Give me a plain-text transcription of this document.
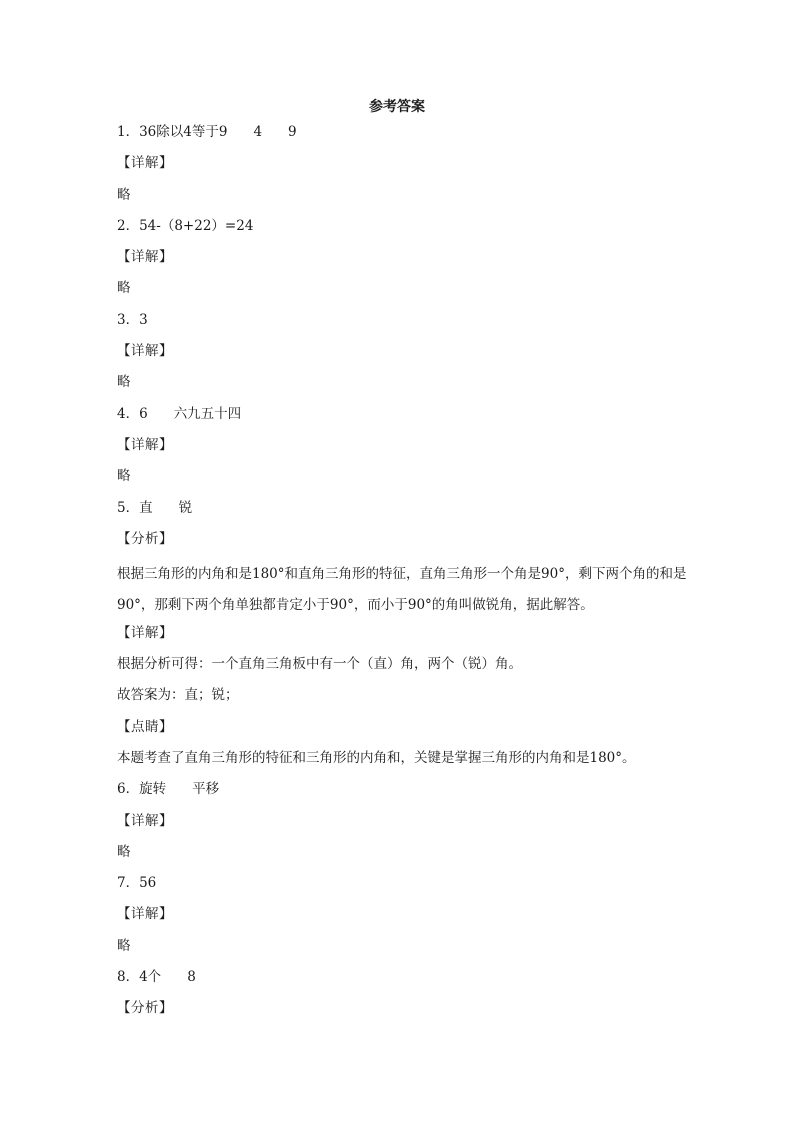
参考答案
1．36除以4等于9 4 9
【详解】
略
2．54-（8+22）=24
【详解】
略
3．3
【详解】
略
4．6 六九五十四
【详解】
略
5．直 锐
【分析】
根据三角形的内角和是180°和直角三角形的特征，直角三角形一个角是90°，剩下两个角的和是90°，那剩下两个角单独都肯定小于90°，而小于90°的角叫做锐角，据此解答。
【详解】
根据分析可得：一个直角三角板中有一个（直）角，两个（锐）角。
故答案为：直；锐；
【点睛】
本题考查了直角三角形的特征和三角形的内角和，关键是掌握三角形的内角和是180°。
6．旋转 平移
【详解】
略
7．56
【详解】
略
8．4个 8
【分析】
